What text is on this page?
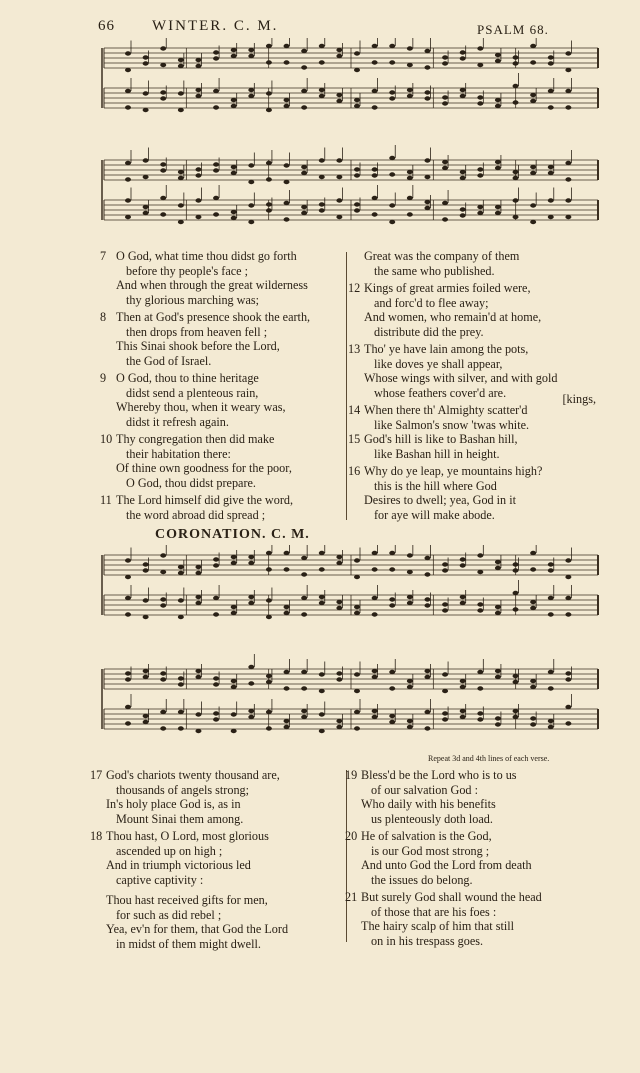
66 WINTER. C. M.	PSALM 68.
7 O God, what time thou didst go forth
before thy people's face ;
And when through the great wilderness
thy glorious marching was;
8 Then at God's presence shook the earth,
then drops from heaven fell ;
This Sinai shook before the Lord,
the God of Israel.
9 O God, thou to thine heritage
didst send a plenteous rain,
Whereby thou, when it weary was,
didst it refresh again.
10 Thy congregation then did make
their habitation there:
Of thine own goodness for the poor,
O God, thou didst prepare.
11 The Lord himself did give the word,
the word abroad did spread ;
Great was the company of them
the same who published.
12 Kings of great armies foiled were,
and forc'd to flee away;
And women, who remain'd at home,
distribute did the prey.
13 Tho' ye have lain among the pots,
like doves ye shall appear,
Whose wings with silver, and with gold
whose feathers cover'd are.	[kings,
14 When there th' Almighty scatter'd
like Salmon's snow 'twas white.
15 God's hill is like to Bashan hill,
like Bashan hill in height.
16 Why do ye leap, ye mountains high?
this is the hill where God
Desires to dwell; yea, God in it
for aye will make abode.
CORONATION. C. M.
Repeat 3d and 4th lines of each verse.
17 God's chariots twenty thousand are,
thousands of angels strong;
In's holy place God is, as in
Mount Sinai them among.
18 Thou hast, O Lord, most glorious
ascended up on high ;
And in triumph victorious led
captive captivity :
Thou hast received gifts for men,
for such as did rebel ;
Yea, ev'n for them, that God the Lord
in midst of them might dwell.
19 Bless'd be the Lord who is to us
of our salvation God :
Who daily with his benefits
us plenteously doth load.
20 He of salvation is the God,
is our God most strong ;
And unto God the Lord from death
the issues do belong.
21 But surely God shall wound the head
of those that are his foes :
The hairy scalp of him that still
on in his trespass goes.
